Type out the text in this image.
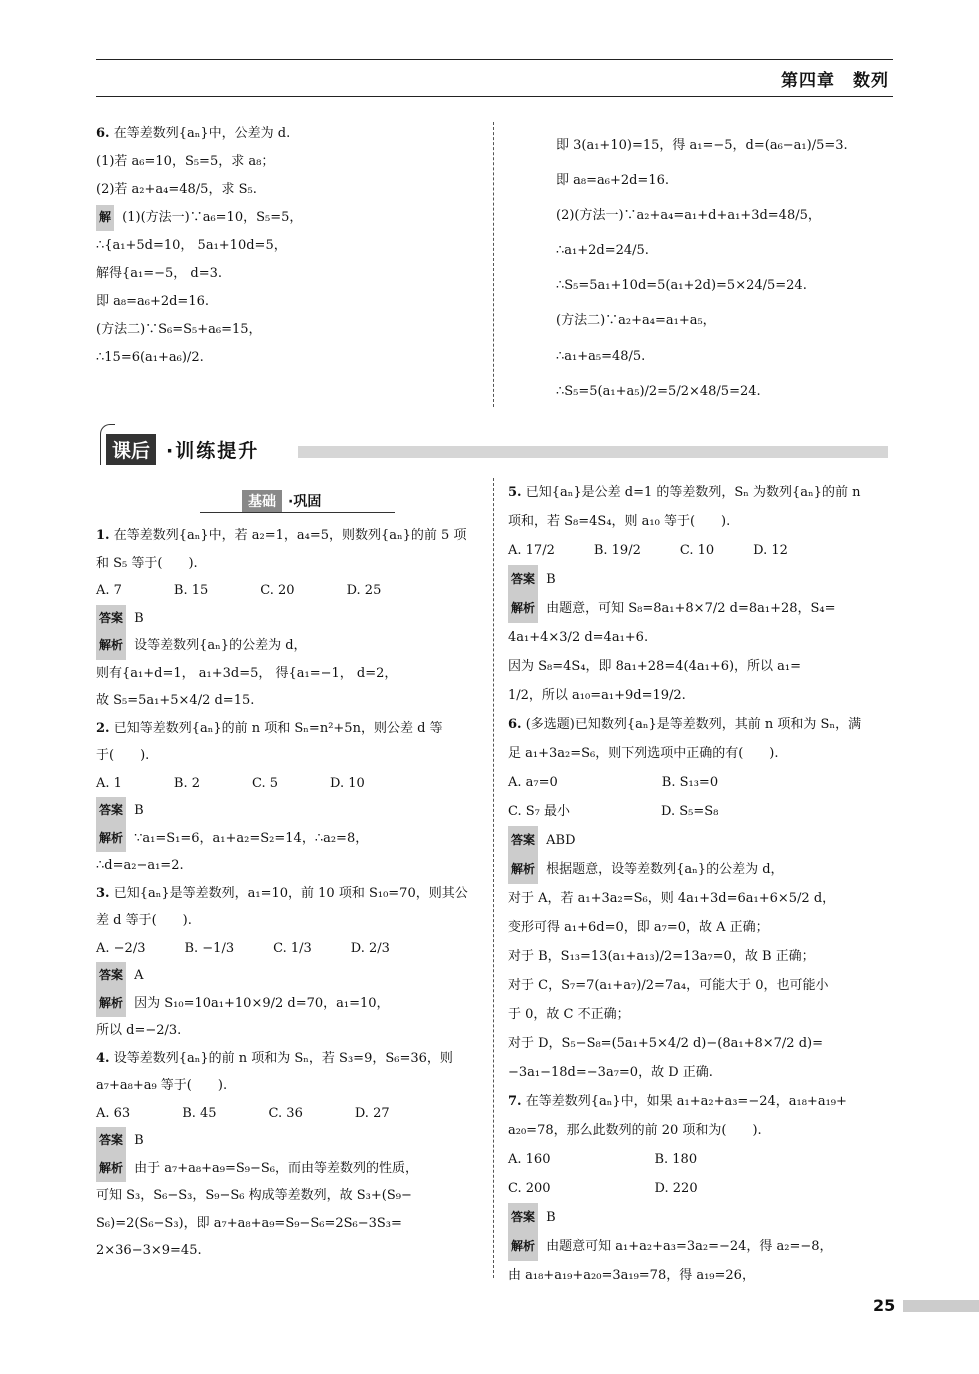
第四章　数列
6. 在等差数列{aₙ}中，公差为 d.
(1)若 a₆=10，S₅=5，求 a₈；
(2)若 a₂+a₄=48/5，求 S₅.
解 (1)(方法一)∵a₆=10，S₅=5，
∴{a₁+5d=10， 5a₁+10d=5，
解得{a₁=−5， d=3.
即 a₈=a₆+2d=16.
(方法二)∵S₆=S₅+a₆=15，
∴15=6(a₁+a₆)/2.
即 3(a₁+10)=15，得 a₁=−5，d=(a₆−a₁)/5=3.
即 a₈=a₆+2d=16.
(2)(方法一)∵a₂+a₄=a₁+d+a₁+3d=48/5，
∴a₁+2d=24/5.
∴S₅=5a₁+10d=5(a₁+2d)=5×24/5=24.
(方法二)∵a₂+a₄=a₁+a₅，
∴a₁+a₅=48/5.
∴S₅=5(a₁+a₅)/2=5/2×48/5=24.
课后 ·训练提升
基础 ·巩固
1. 在等差数列{aₙ}中，若 a₂=1，a₄=5，则数列{aₙ}的前 5 项
和 S₅ 等于(　　).
A. 7　　　　B. 15　　　　C. 20　　　　D. 25
答案 B
解析 设等差数列{aₙ}的公差为 d，
则有{a₁+d=1， a₁+3d=5， 得{a₁=−1， d=2，
故 S₅=5a₁+5×4/2 d=15.
2. 已知等差数列{aₙ}的前 n 项和 Sₙ=n²+5n，则公差 d 等
于(　　).
A. 1　　　　B. 2　　　　C. 5　　　　D. 10
答案 B
解析 ∵a₁=S₁=6，a₁+a₂=S₂=14，∴a₂=8，
∴d=a₂−a₁=2.
3. 已知{aₙ}是等差数列，a₁=10，前 10 项和 S₁₀=70，则其公
差 d 等于(　　).
A. −2/3　　　B. −1/3　　　C. 1/3　　　D. 2/3
答案 A
解析 因为 S₁₀=10a₁+10×9/2 d=70，a₁=10，
所以 d=−2/3.
4. 设等差数列{aₙ}的前 n 项和为 Sₙ，若 S₃=9，S₆=36，则
a₇+a₈+a₉ 等于(　　).
A. 63　　　　B. 45　　　　C. 36　　　　D. 27
答案 B
解析 由于 a₇+a₈+a₉=S₉−S₆，而由等差数列的性质，
可知 S₃，S₆−S₃，S₉−S₆ 构成等差数列，故 S₃+(S₉−
S₆)=2(S₆−S₃)，即 a₇+a₈+a₉=S₉−S₆=2S₆−3S₃=
2×36−3×9=45.
5. 已知{aₙ}是公差 d=1 的等差数列，Sₙ 为数列{aₙ}的前 n
项和，若 S₈=4S₄，则 a₁₀ 等于(　　).
A. 17/2　　　B. 19/2　　　C. 10　　　D. 12
答案 B
解析 由题意，可知 S₈=8a₁+8×7/2 d=8a₁+28，S₄=
4a₁+4×3/2 d=4a₁+6.
因为 S₈=4S₄，即 8a₁+28=4(4a₁+6)，所以 a₁=
1/2，所以 a₁₀=a₁+9d=19/2.
6. (多选题)已知数列{aₙ}是等差数列，其前 n 项和为 Sₙ，满
足 a₁+3a₂=S₆，则下列选项中正确的有(　　).
A. a₇=0　　　　　　　　B. S₁₃=0
C. S₇ 最小　　　　　　　D. S₅=S₈
答案 ABD
解析 根据题意，设等差数列{aₙ}的公差为 d，
对于 A，若 a₁+3a₂=S₆，则 4a₁+3d=6a₁+6×5/2 d，
变形可得 a₁+6d=0，即 a₇=0，故 A 正确；
对于 B，S₁₃=13(a₁+a₁₃)/2=13a₇=0，故 B 正确；
对于 C，S₇=7(a₁+a₇)/2=7a₄，可能大于 0，也可能小
于 0，故 C 不正确；
对于 D，S₅−S₈=(5a₁+5×4/2 d)−(8a₁+8×7/2 d)=
−3a₁−18d=−3a₇=0，故 D 正确.
7. 在等差数列{aₙ}中，如果 a₁+a₂+a₃=−24，a₁₈+a₁₉+
a₂₀=78，那么此数列的前 20 项和为(　　).
A. 160　　　　　　　　B. 180
C. 200　　　　　　　　D. 220
答案 B
解析 由题意可知 a₁+a₂+a₃=3a₂=−24，得 a₂=−8，
由 a₁₈+a₁₉+a₂₀=3a₁₉=78，得 a₁₉=26，
25
